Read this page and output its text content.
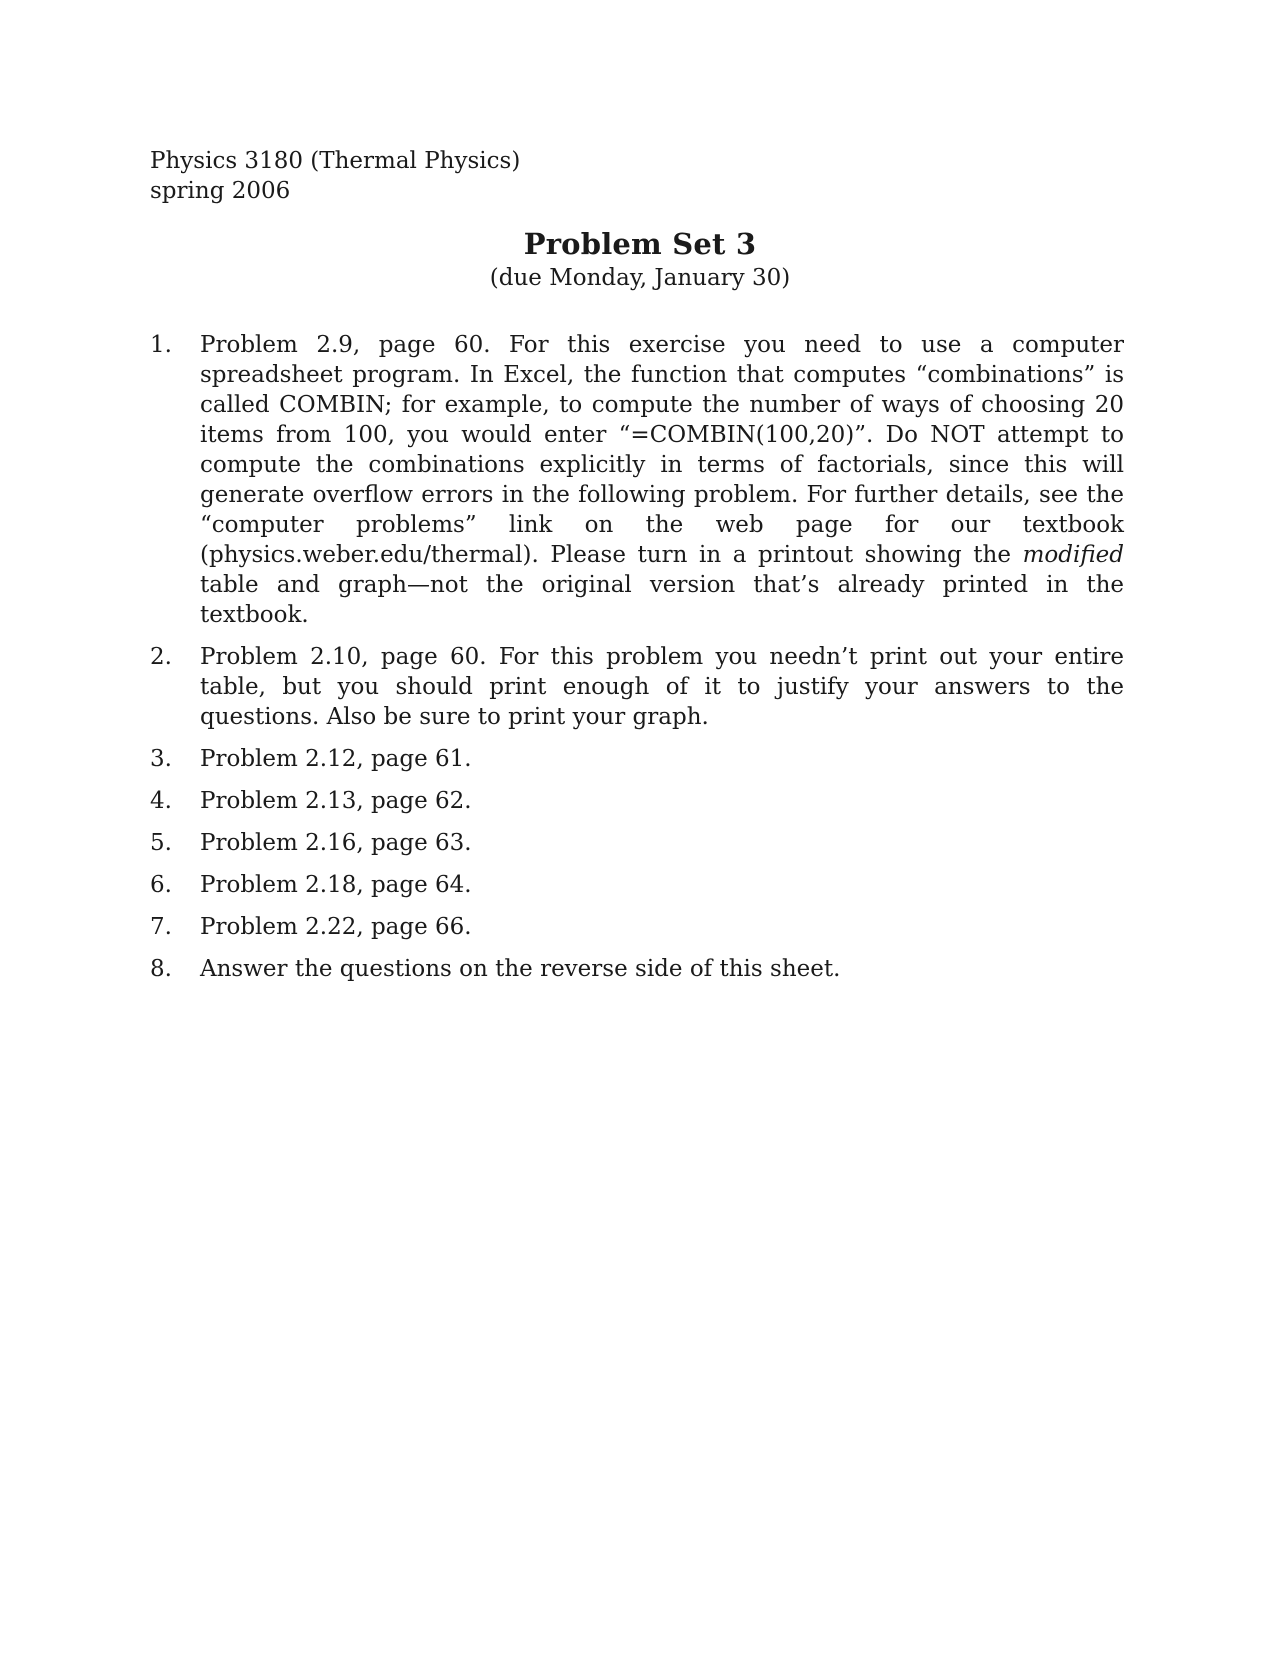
Physics 3180 (Thermal Physics)
spring 2006
Problem Set 3
(due Monday, January 30)
1.	Problem 2.9, page 60. For this exercise you need to use a computer spreadsheet program. In Excel, the function that computes “combinations” is called COMBIN; for example, to compute the number of ways of choosing 20 items from 100, you would enter “=COMBIN(100,20)”. Do NOT attempt to compute the combinations explicitly in terms of factorials, since this will generate overflow errors in the following problem. For further details, see the “computer problems” link on the web page for our textbook (physics.weber.edu/thermal). Please turn in a printout showing the modified table and graph—not the original version that’s already printed in the textbook.
2.	Problem 2.10, page 60. For this problem you needn’t print out your entire table, but you should print enough of it to justify your answers to the questions. Also be sure to print your graph.
3.	Problem 2.12, page 61.
4.	Problem 2.13, page 62.
5.	Problem 2.16, page 63.
6.	Problem 2.18, page 64.
7.	Problem 2.22, page 66.
8.	Answer the questions on the reverse side of this sheet.
